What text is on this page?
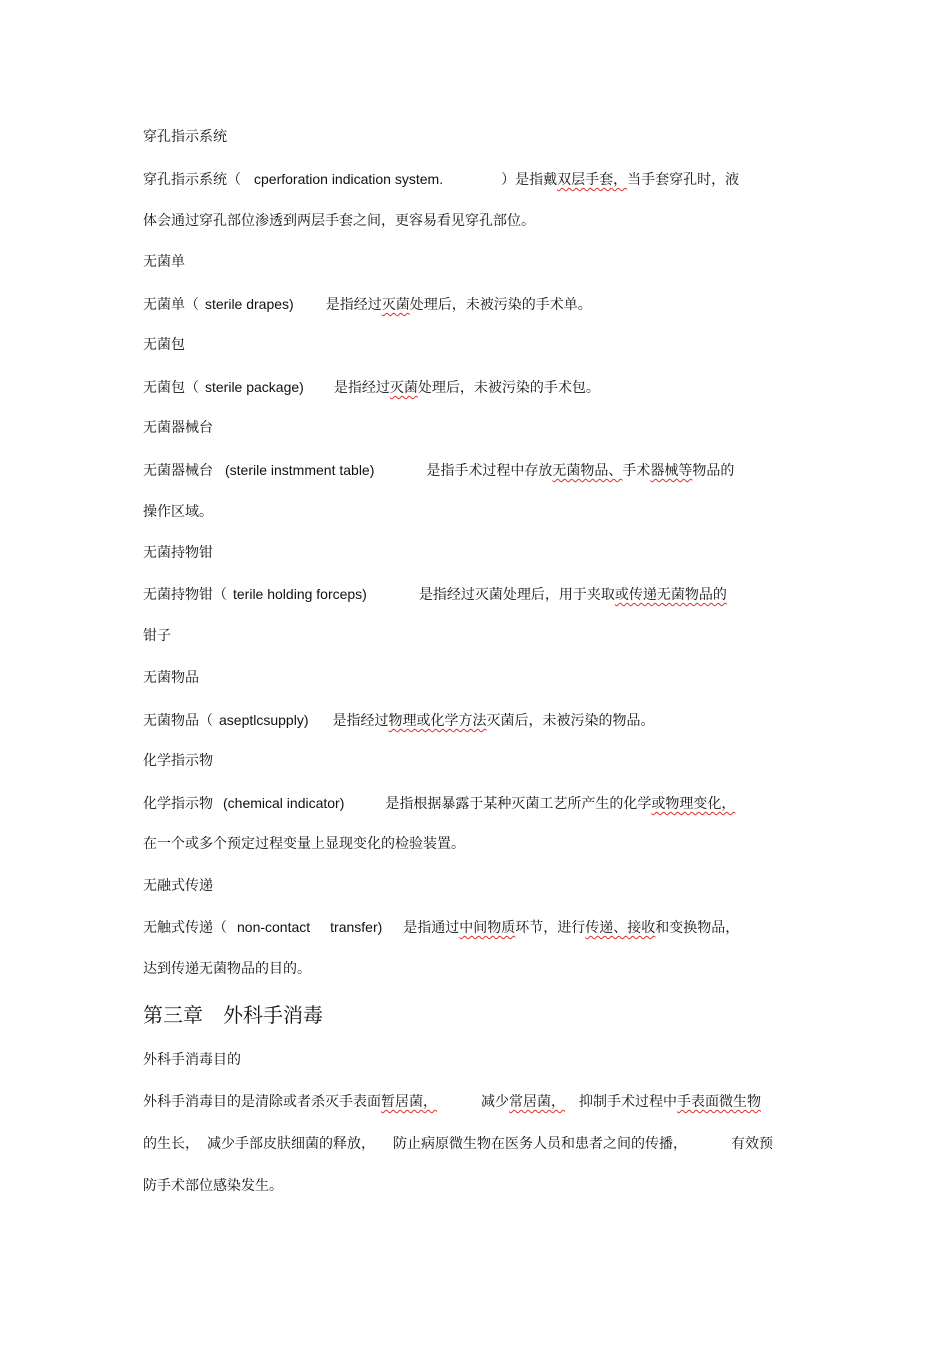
穿孔指示系统
穿孔指示系统（ cperforation indication system.	）是指戴双层手套，当手套穿孔时，液
体会通过穿孔部位渗透到两层手套之间，更容易看见穿孔部位。
无菌单
无菌单（ sterile drapes) 是指经过灭菌处理后，未被污染的手术单。
无菌包
无菌包（ sterile package) 是指经过灭菌处理后，未被污染的手术包。
无菌器械台
无菌器械台 (sterile instmment table)	是指手术过程中存放无菌物品、手术器械等物品的
操作区域。
无菌持物钳
无菌持物钳（ terile holding forceps)	是指经过灭菌处理后，用于夹取或传递无菌物品的
钳子
无菌物品
无菌物品（ aseptlcsupply) 是指经过物理或化学方法灭菌后，未被污染的物品。
化学指示物
化学指示物 (chemical indicator)	是指根据暴露于某种灭菌工艺所产生的化学或物理变化，
在一个或多个预定过程变量上显现变化的检验装置。
无融式传递
无触式传递（ non-contact transfer) 是指通过中间物质环节，进行传递、接收和变换物品，
达到传递无菌物品的目的。
第三章　外科手消毒
外科手消毒目的
外科手消毒目的是清除或者杀灭手表面暂居菌，	减少常居菌， 抑制手术过程中手表面微生物
的生长， 减少手部皮肤细菌的释放， 防止病原微生物在医务人员和患者之间的传播，	有效预
防手术部位感染发生。
